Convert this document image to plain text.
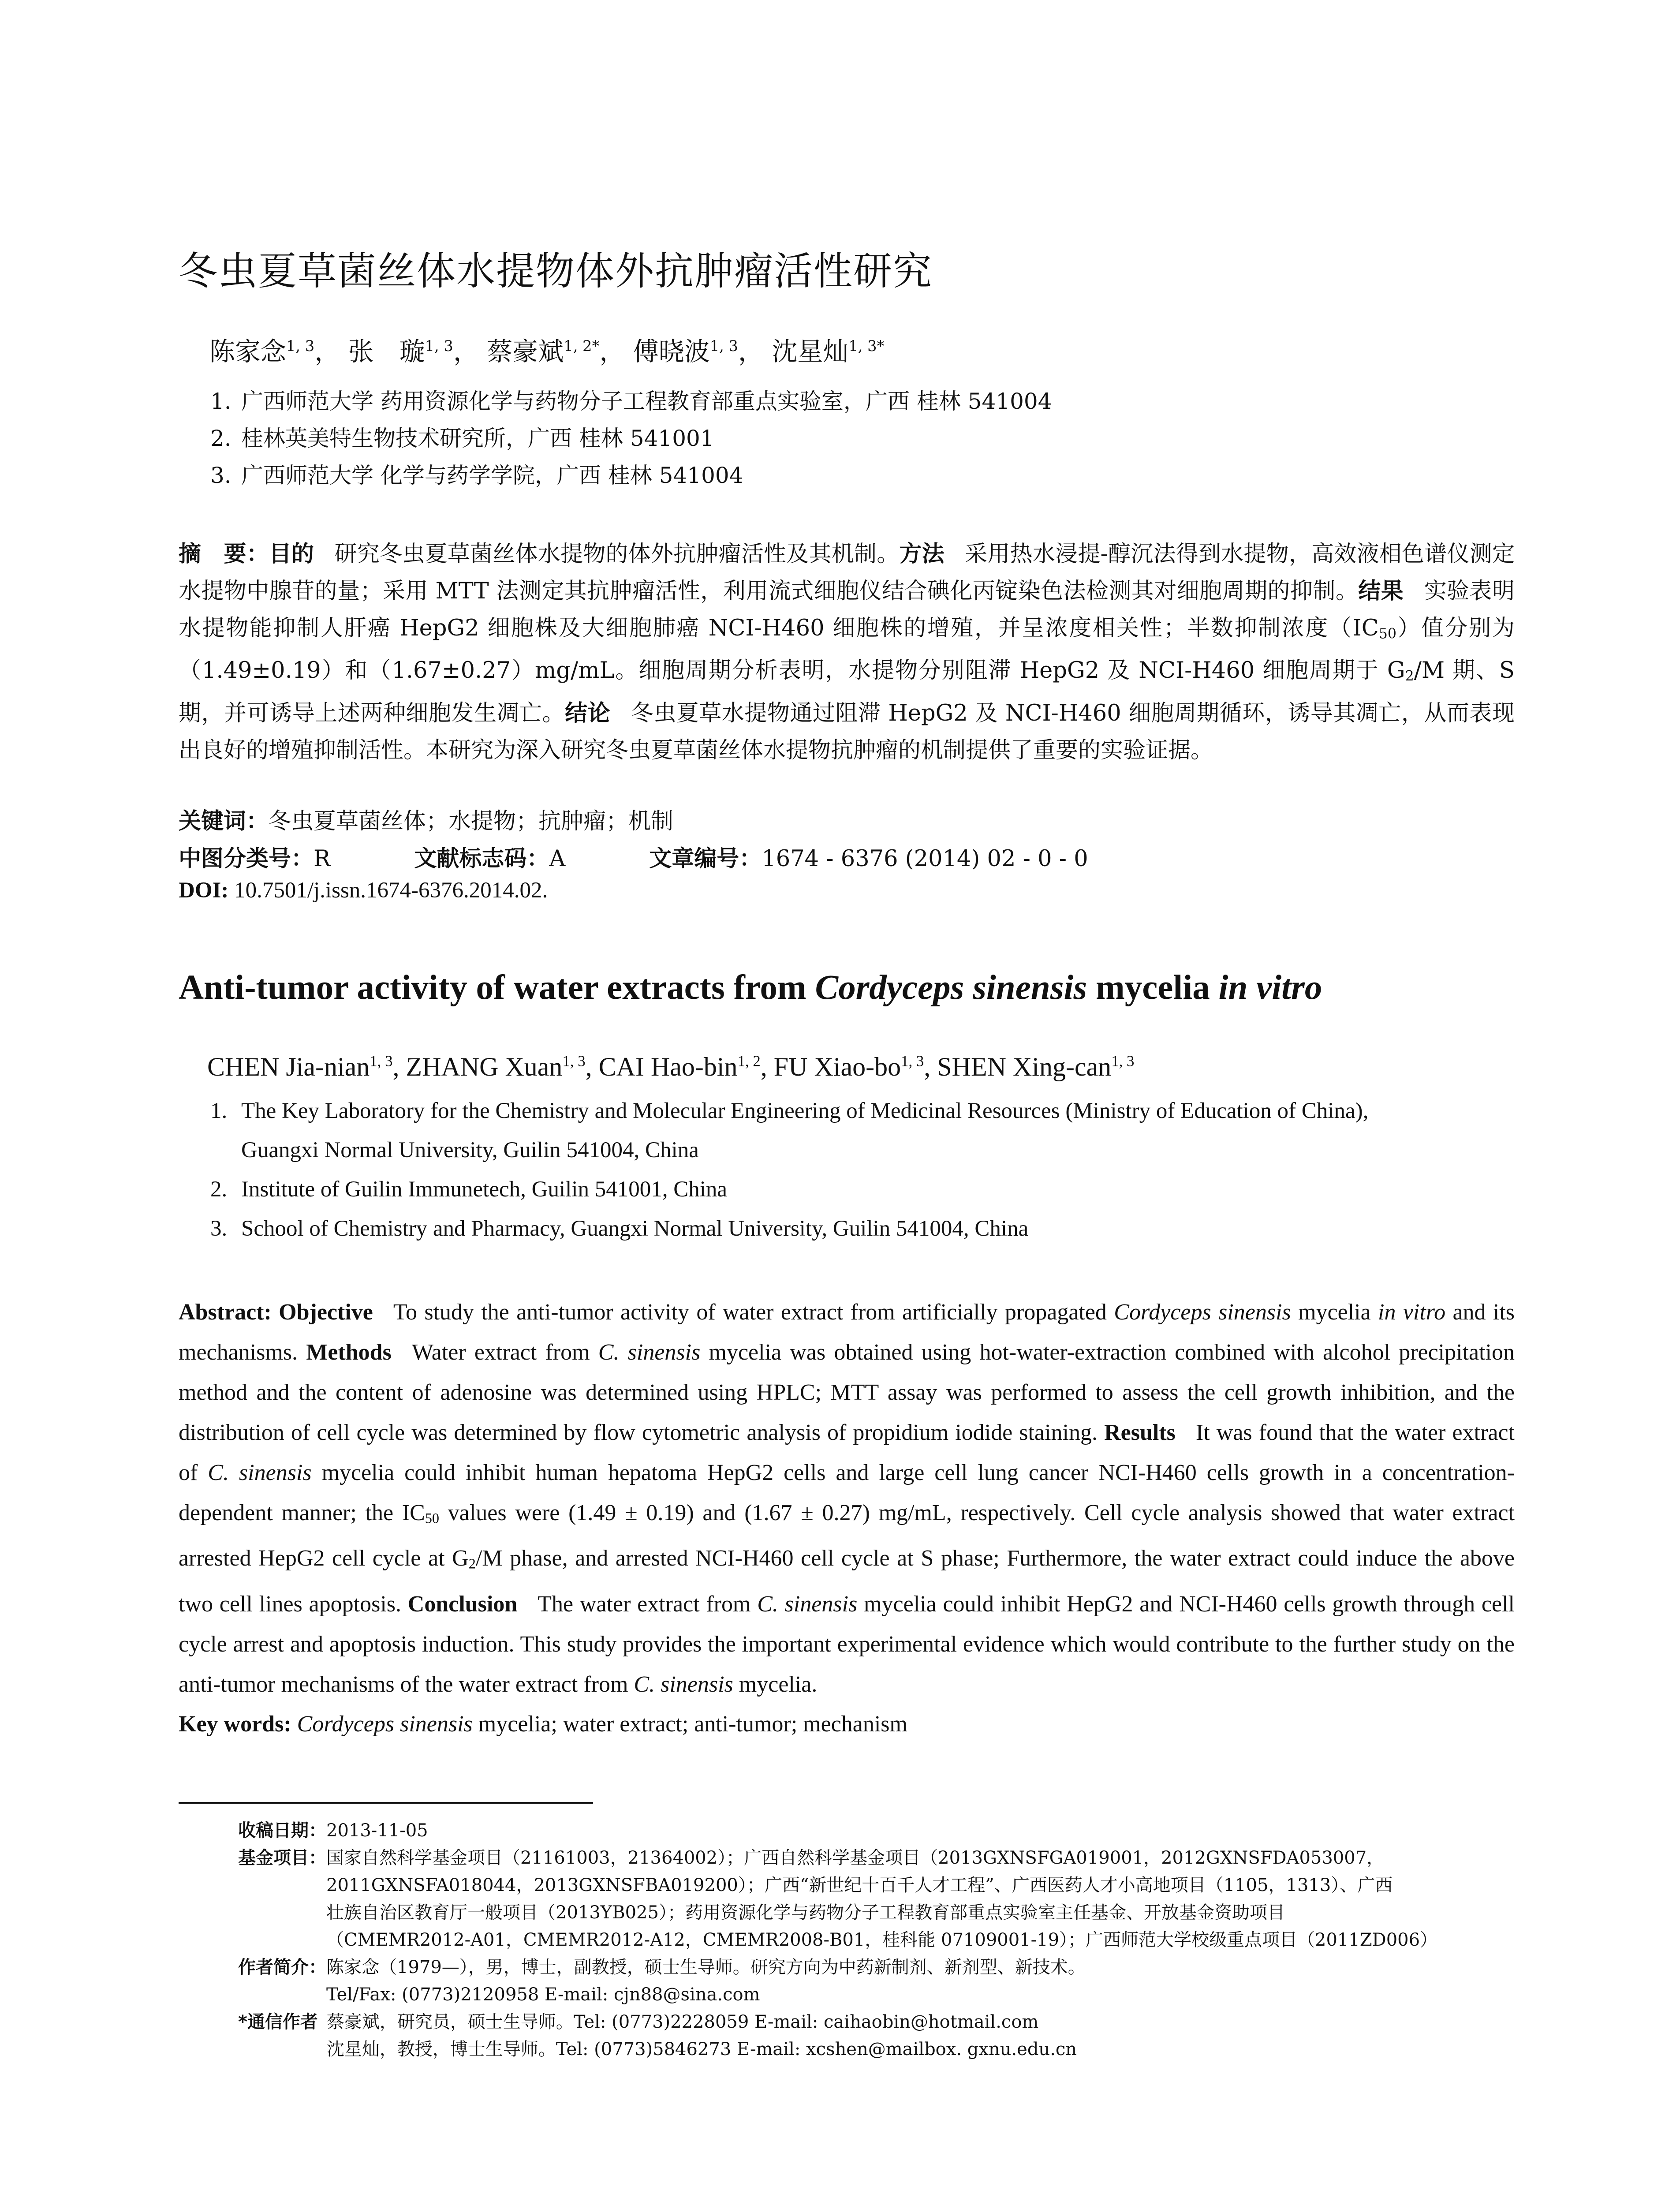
冬虫夏草菌丝体水提物体外抗肿瘤活性研究
陈家念$^{1, 3}$， 张　璇$^{1, 3}$， 蔡豪斌$^{1, 2*}$， 傅晓波$^{1, 3}$， 沈星灿$^{1, 3*}$
1. 广西师范大学 药用资源化学与药物分子工程教育部重点实验室，广西 桂林 541004
2. 桂林英美特生物技术研究所，广西 桂林 541001
3. 广西师范大学 化学与药学学院，广西 桂林 541004
摘　要：目的 研究冬虫夏草菌丝体水提物的体外抗肿瘤活性及其机制。方法 采用热水浸提-醇沉法得到水提物，高效液相色谱仪测定水提物中腺苷的量；采用 MTT 法测定其抗肿瘤活性，利用流式细胞仪结合碘化丙锭染色法检测其对细胞周期的抑制。结果 实验表明水提物能抑制人肝癌 HepG2 细胞株及大细胞肺癌 NCI-H460 细胞株的增殖，并呈浓度相关性；半数抑制浓度$(IC_{50})$值分别为（1.49±0.19）和（1.67±0.27）mg/mL。细胞周期分析表明，水提物分别阻滞 HepG2 及 NCI-H460 细胞周期于 $G_2/M$ 期、S 期，并可诱导上述两种细胞发生凋亡。结论 冬虫夏草水提物通过阻滞 HepG2 及 NCI-H460 细胞周期循环，诱导其凋亡，从而表现出良好的增殖抑制活性。本研究为深入研究冬虫夏草菌丝体水提物抗肿瘤的机制提供了重要的实验证据。
关键词：冬虫夏草菌丝体；水提物；抗肿瘤；机制
中图分类号：R	文献标志码：A	文章编号：1674 - 6376 (2014) 02 - 0 - 0
DOI: 10.7501/j.issn.1674-6376.2014.02.
Anti-tumor activity of water extracts from Cordyceps sinensis mycelia in vitro
CHEN Jia-nian$^{1, 3}$, ZHANG Xuan$^{1, 3}$, CAI Hao-bin$^{1, 2}$, FU Xiao-bo$^{1, 3}$, SHEN Xing-can$^{1, 3}$
1. The Key Laboratory for the Chemistry and Molecular Engineering of Medicinal Resources (Ministry of Education of China),
Guangxi Normal University, Guilin 541004, China
2. Institute of Guilin Immunetech, Guilin 541001, China
3. School of Chemistry and Pharmacy, Guangxi Normal University, Guilin 541004, China
Abstract: Objective To study the anti-tumor activity of water extract from artificially propagated Cordyceps sinensis mycelia in vitro and its mechanisms. Methods Water extract from C. sinensis mycelia was obtained using hot-water-extraction combined with alcohol precipitation method and the content of adenosine was determined using HPLC; MTT assay was performed to assess the cell growth inhibition, and the distribution of cell cycle was determined by flow cytometric analysis of propidium iodide staining. Results It was found that the water extract of C. sinensis mycelia could inhibit human hepatoma HepG2 cells and large cell lung cancer NCI-H460 cells growth in a concentration-dependent manner; the $IC_{50}$ values were (1.49 ± 0.19) and (1.67 ± 0.27) mg/mL, respectively. Cell cycle analysis showed that water extract arrested HepG2 cell cycle at $G_2/M$ phase, and arrested NCI-H460 cell cycle at S phase; Furthermore, the water extract could induce the above two cell lines apoptosis. Conclusion The water extract from C. sinensis mycelia could inhibit HepG2 and NCI-H460 cells growth through cell cycle arrest and apoptosis induction. This study provides the important experimental evidence which would contribute to the further study on the anti-tumor mechanisms of the water extract from C. sinensis mycelia.
Key words: Cordyceps sinensis mycelia; water extract; anti-tumor; mechanism
收稿日期： 2013-11-05
基金项目： 国家自然科学基金项目（21161003，21364002）；广西自然科学基金项目（2013GXNSFGA019001，2012GXNSFDA053007，
2011GXNSFA018044，2013GXNSFBA019200）；广西“新世纪十百千人才工程”、广西医药人才小高地项目（1105，1313）、广西
壮族自治区教育厅一般项目（2013YB025）；药用资源化学与药物分子工程教育部重点实验室主任基金、开放基金资助项目
（CMEMR2012-A01，CMEMR2012-A12，CMEMR2008-B01，桂科能 07109001-19）；广西师范大学校级重点项目（2011ZD006）
作者简介： 陈家念（1979—），男，博士，副教授，硕士生导师。研究方向为中药新制剂、新剂型、新技术。
Tel/Fax: (0773)2120958 E-mail: cjn88@sina.com
*通信作者 蔡豪斌，研究员，硕士生导师。Tel: (0773)2228059 E-mail: caihaobin@hotmail.com
沈星灿，教授，博士生导师。Tel: (0773)5846273 E-mail: xcshen@mailbox. gxnu.edu.cn
